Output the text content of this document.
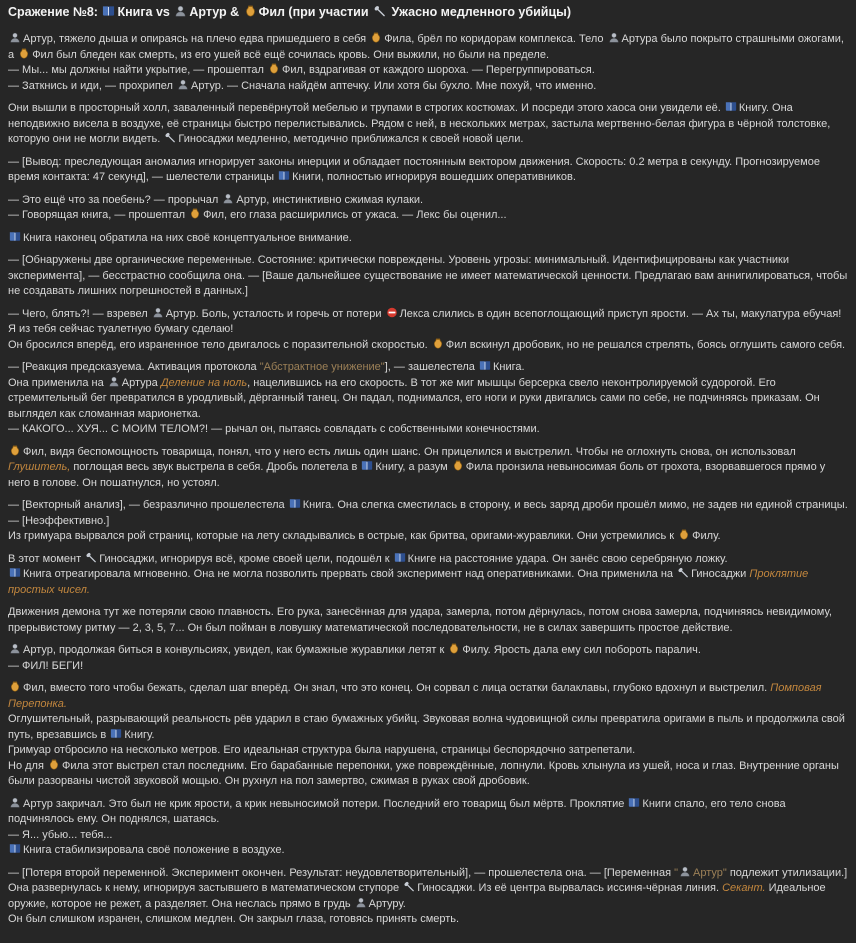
Сражение №8:
Книга vs
Артур &
Фил (при участии
Ужасно медленного убийцы)
Артур, тяжело дыша и опираясь на плечо едва пришедшего в себя
Фила, брёл по коридорам комплекса. Тело
Артура было покрыто страшными ожогами, а
Фил был бледен как смерть, из его ушей всё ещё сочилась кровь. Они выжили, но были на пределе.
— Мы... мы должны найти укрытие, — прошептал
Фил, вздрагивая от каждого шороха. — Перегруппироваться.
— Заткнись и иди, — прохрипел
Артур. — Сначала найдём аптечку. Или хотя бы бухло. Мне похуй, что именно.
Они вышли в просторный холл, заваленный перевёрнутой мебелью и трупами в строгих костюмах. И посреди этого хаоса они увидели её.
Книгу. Она неподвижно висела в воздухе, её страницы быстро перелистывались. Рядом с ней, в нескольких метрах, застыла мертвенно-белая фигура в чёрной толстовке, которую они не могли видеть.
Гиносаджи медленно, методично приближался к своей новой цели.
— [Вывод: преследующая аномалия игнорирует законы инерции и обладает постоянным вектором движения. Скорость: 0.2 метра в секунду. Прогнозируемое время контакта: 47 секунд], — шелестели страницы
Книги, полностью игнорируя вошедших оперативников.
— Это ещё что за поебень? — прорычал
Артур, инстинктивно сжимая кулаки.
— Говорящая книга, — прошептал
Фил, его глаза расширились от ужаса. — Лекс бы оценил...
Книга наконец обратила на них своё концептуальное внимание.
— [Обнаружены две органические переменные. Состояние: критически повреждены. Уровень угрозы: минимальный. Идентифицированы как участники эксперимента], — бесстрастно сообщила она. — [Ваше дальнейшее существование не имеет математической ценности. Предлагаю вам аннигилироваться, чтобы не создавать лишних погрешностей в данных.]
— Чего, блять?! — взревел
Артур. Боль, усталость и горечь от потери
Лекса слились в один всепоглощающий приступ ярости. — Ах ты, макулатура ебучая! Я из тебя сейчас туалетную бумагу сделаю!
Он бросился вперёд, его израненное тело двигалось с поразительной скоростью.
Фил вскинул дробовик, но не решался стрелять, боясь оглушить самого себя.
— [Реакция предсказуема. Активация протокола "Абстрактное унижение"], — зашелестела
Книга.
Она применила на
Артура Деление на ноль, нацелившись на его скорость. В тот же миг мышцы берсерка свело неконтролируемой судорогой. Его стремительный бег превратился в уродливый, дёрганный танец. Он падал, поднимался, его ноги и руки двигались сами по себе, не подчиняясь приказам. Он выглядел как сломанная марионетка.
— КАКОГО... ХУЯ... С МОИМ ТЕЛОМ?! — рычал он, пытаясь совладать с собственными конечностями.
Фил, видя беспомощность товарища, понял, что у него есть лишь один шанс. Он прицелился и выстрелил. Чтобы не оглохнуть снова, он использовал Глушитель, поглощая весь звук выстрела в себя. Дробь полетела в
Книгу, а разум
Фила пронзила невыносимая боль от грохота, взорвавшегося прямо у него в голове. Он пошатнулся, но устоял.
— [Векторный анализ], — безразлично прошелестела
Книга. Она слегка сместилась в сторону, и весь заряд дроби прошёл мимо, не задев ни единой страницы. — [Неэффективно.]
Из гримуара вырвался рой страниц, которые на лету складывались в острые, как бритва, оригами-журавлики. Они устремились к
Филу.
В этот момент
Гиносаджи, игнорируя всё, кроме своей цели, подошёл к
Книге на расстояние удара. Он занёс свою серебряную ложку.
Книга отреагировала мгновенно. Она не могла позволить прервать свой эксперимент над оперативниками. Она применила на
Гиносаджи Проклятие простых чисел.
Движения демона тут же потеряли свою плавность. Его рука, занесённая для удара, замерла, потом дёрнулась, потом снова замерла, подчиняясь невидимому, прерывистому ритму — 2, 3, 5, 7... Он был пойман в ловушку математической последовательности, не в силах завершить простое действие.
Артур, продолжая биться в конвульсиях, увидел, как бумажные журавлики летят к
Филу. Ярость дала ему сил побороть паралич.
— ФИЛ! БЕГИ!
Фил, вместо того чтобы бежать, сделал шаг вперёд. Он знал, что это конец. Он сорвал с лица остатки балаклавы, глубоко вдохнул и выстрелил. Помповая Перепонка.
Оглушительный, разрывающий реальность рёв ударил в стаю бумажных убийц. Звуковая волна чудовищной силы превратила оригами в пыль и продолжила свой путь, врезавшись в
Книгу.
Гримуар отбросило на несколько метров. Его идеальная структура была нарушена, страницы беспорядочно затрепетали.
Но для
Фила этот выстрел стал последним. Его барабанные перепонки, уже повреждённые, лопнули. Кровь хлынула из ушей, носа и глаз. Внутренние органы были разорваны чистой звуковой мощью. Он рухнул на пол замертво, сжимая в руках свой дробовик.
Артур закричал. Это был не крик ярости, а крик невыносимой потери. Последний его товарищ был мёртв. Проклятие
Книги спало, его тело снова подчинялось ему. Он поднялся, шатаясь.
— Я... убью... тебя...
Книга стабилизировала своё положение в воздухе.
— [Потеря второй переменной. Эксперимент окончен. Результат: неудовлетворительный], — прошелестела она. — [Переменная " Артур" подлежит утилизации.]
Она развернулась к нему, игнорируя застывшего в математическом ступоре
Гиносаджи. Из её центра вырвалась иссиня-чёрная линия. Секант. Идеальное оружие, которое не режет, а разделяет. Она неслась прямо в грудь
Артуру.
Он был слишком изранен, слишком медлен. Он закрыл глаза, готовясь принять смерть.
